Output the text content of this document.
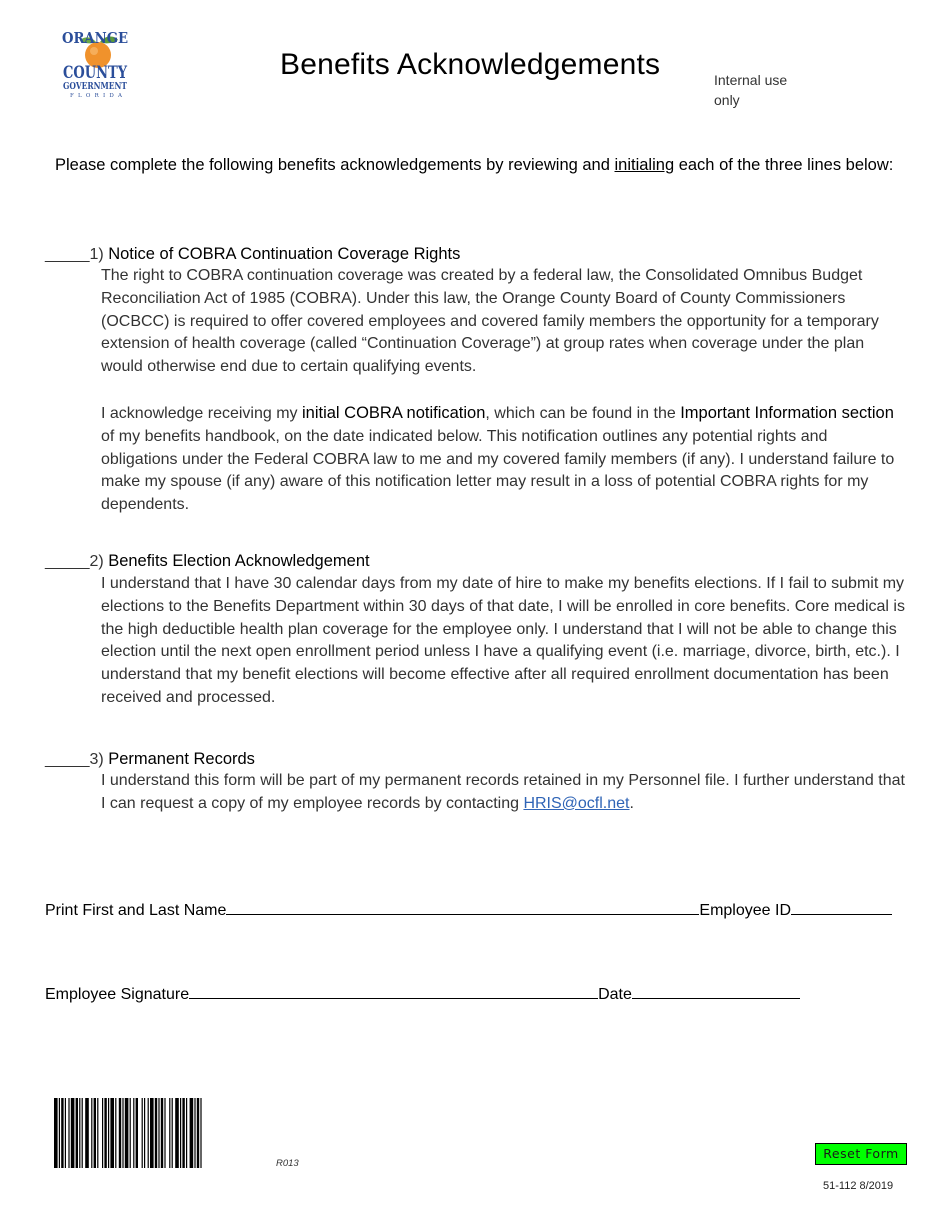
ORANGE
COUNTY
GOVERNMENT
FLORIDA
Benefits Acknowledgements	Internal use only
Please complete the following benefits acknowledgements by reviewing and initialing each of the three lines below:
_____1) Notice of COBRA Continuation Coverage Rights
The right to COBRA continuation coverage was created by a federal law, the Consolidated Omnibus Budget Reconciliation Act of 1985 (COBRA). Under this law, the Orange County Board of County Commissioners (OCBCC) is required to offer covered employees and covered family members the opportunity for a temporary extension of health coverage (called “Continuation Coverage”) at group rates when coverage under the plan would otherwise end due to certain qualifying events.
I acknowledge receiving my initial COBRA notification, which can be found in the Important Information section of my benefits handbook, on the date indicated below. This notification outlines any potential rights and obligations under the Federal COBRA law to me and my covered family members (if any). I understand failure to make my spouse (if any) aware of this notification letter may result in a loss of potential COBRA rights for my dependents.
_____2) Benefits Election Acknowledgement
I understand that I have 30 calendar days from my date of hire to make my benefits elections. If I fail to submit my elections to the Benefits Department within 30 days of that date, I will be enrolled in core benefits. Core medical is the high deductible health plan coverage for the employee only. I understand that I will not be able to change this election until the next open enrollment period unless I have a qualifying event (i.e. marriage, divorce, birth, etc.). I understand that my benefit elections will become effective after all required enrollment documentation has been received and processed.
_____3) Permanent Records
I understand this form will be part of my permanent records retained in my Personnel file. I further understand that I can request a copy of my employee records by contacting HRIS@ocfl.net.
Print First and Last Name	Employee ID
Employee Signature	Date
R013
Reset Form
51-112 8/2019
